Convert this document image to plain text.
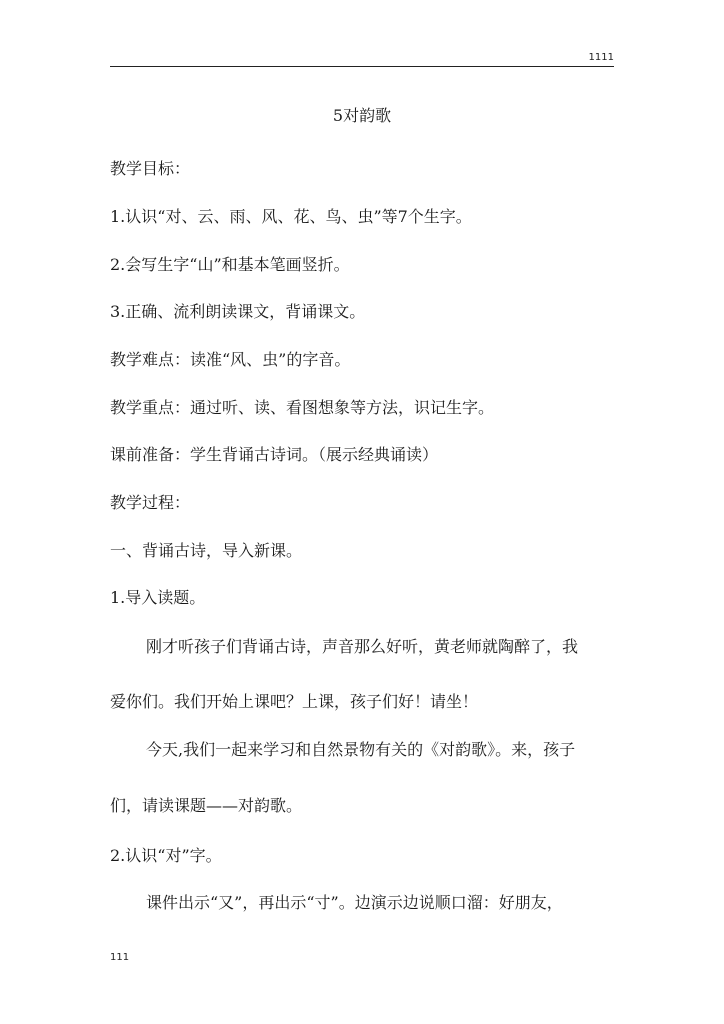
1111
5对韵歌
教学目标：
1.认识“对、云、雨、风、花、鸟、虫”等7个生字。
2.会写生字“山”和基本笔画竖折。
3.正确、流利朗读课文，背诵课文。
教学难点：读准“风、虫”的字音。
教学重点：通过听、读、看图想象等方法，识记生字。
课前准备：学生背诵古诗词。（展示经典诵读）
教学过程：
一、背诵古诗，导入新课。
1.导入读题。
刚才听孩子们背诵古诗，声音那么好听，黄老师就陶醉了，我
爱你们。我们开始上课吧？上课，孩子们好！请坐！
今天,我们一起来学习和自然景物有关的《对韵歌》。来，孩子
们，请读课题——对韵歌。
2.认识“对”字。
课件出示“又”，再出示“寸”。边演示边说顺口溜：好朋友，
111
